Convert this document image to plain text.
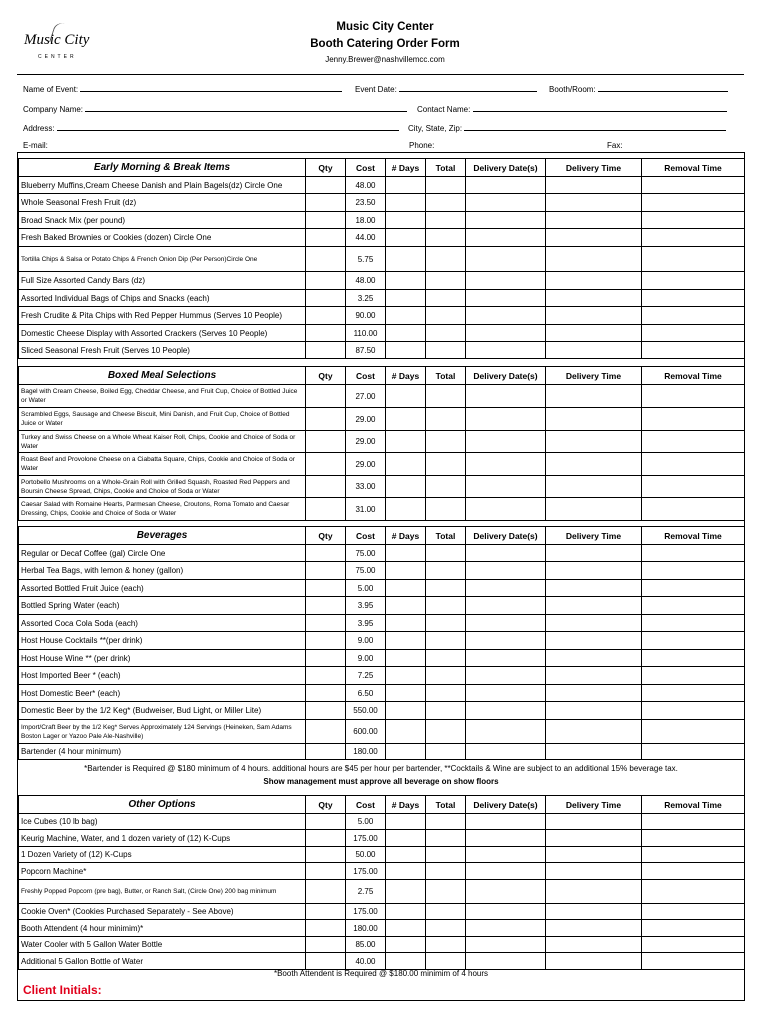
Music City
CENTER
Music City Center
Booth Catering Order Form
Jenny.Brewer@nashvillemcc.com
Name of Event:	Event Date:	Booth/Room:
Company Name:	Contact Name:
Address:	City, State, Zip:
E-mail:	Phone:	Fax:
Early Morning & Break Items	Qty	Cost	# Days	Total	Delivery Date(s)	Delivery Time	Removal Time
Blueberry Muffins,Cream Cheese Danish and Plain Bagels(dz) Circle One		48.00					
Whole Seasonal Fresh Fruit (dz)		23.50					
Broad Snack Mix (per pound)		18.00					
Fresh Baked Brownies or Cookies (dozen) Circle One		44.00					
Tortilla Chips & Salsa or Potato Chips & French Onion Dip (Per Person)Circle One		5.75					
Full Size Assorted Candy Bars (dz)		48.00					
Assorted Individual Bags of Chips and Snacks (each)		3.25					
Fresh Crudite & Pita Chips with Red Pepper Hummus (Serves 10 People)		90.00					
Domestic Cheese Display with Assorted Crackers (Serves 10 People)		110.00					
Sliced Seasonal Fresh Fruit (Serves 10 People)		87.50					
Boxed Meal Selections	Qty	Cost	# Days	Total	Delivery Date(s)	Delivery Time	Removal Time
Bagel with Cream Cheese, Boiled Egg, Cheddar Cheese, and Fruit Cup, Choice of Bottled Juice or Water		27.00					
Scrambled Eggs, Sausage and Cheese Biscuit, Mini Danish, and Fruit Cup, Choice of Bottled Juice or Water		29.00					
Turkey and Swiss Cheese on a Whole Wheat Kaiser Roll, Chips, Cookie and Choice of Soda or Water		29.00					
Roast Beef and Provolone Cheese on a Ciabatta Square, Chips, Cookie and Choice of Soda or Water		29.00					
Portobello Mushrooms on a Whole-Grain Roll with Grilled Squash, Roasted Red Peppers and Boursin Cheese Spread, Chips, Cookie and Choice of Soda or Water		33.00					
Caesar Salad with Romaine Hearts, Parmesan Cheese, Croutons, Roma Tomato and Caesar Dressing, Chips, Cookie and Choice of Soda or Water		31.00					
Beverages	Qty	Cost	# Days	Total	Delivery Date(s)	Delivery Time	Removal Time
Regular or Decaf Coffee (gal) Circle One		75.00					
Herbal Tea Bags, with lemon & honey (gallon)		75.00					
Assorted Bottled Fruit Juice (each)		5.00					
Bottled Spring Water (each)		3.95					
Assorted Coca Cola Soda (each)		3.95					
Host House Cocktails **(per drink)		9.00					
Host House Wine ** (per drink)		9.00					
Host Imported Beer * (each)		7.25					
Host Domestic Beer* (each)		6.50					
Domestic Beer by the 1/2 Keg* (Budweiser, Bud Light, or Miller Lite)		550.00					
Import/Craft Beer by the 1/2 Keg* Serves Approximately 124 Servings (Heineken, Sam Adams Boston Lager or Yazoo Pale Ale-Nashville)		600.00					
Bartender (4 hour minimum)		180.00					
Other Options	Qty	Cost	# Days	Total	Delivery Date(s)	Delivery Time	Removal Time
Ice Cubes (10 lb bag)		5.00					
Keurig Machine, Water, and 1 dozen variety of (12) K-Cups		175.00					
1 Dozen Variety of (12) K-Cups		50.00					
Popcorn Machine*		175.00					
Freshly Popped Popcorn (pre bag), Butter, or Ranch Salt, (Circle One) 200 bag minimum		2.75					
Cookie Oven* (Cookies Purchased Separately - See Above)		175.00					
Booth Attendent (4 hour minimim)*		180.00					
Water Cooler with 5 Gallon Water Bottle		85.00					
Additional 5 Gallon Bottle of Water		40.00					
*Bartender is Required @ $180 minimum of 4 hours. additional hours are $45 per hour per bartender, **Cocktails & Wine are subject to an additional 15% beverage tax.
Show management must approve all beverage on show floors
*Booth Attendent is Required @ $180.00 minimim of 4 hours
Client Initials:
